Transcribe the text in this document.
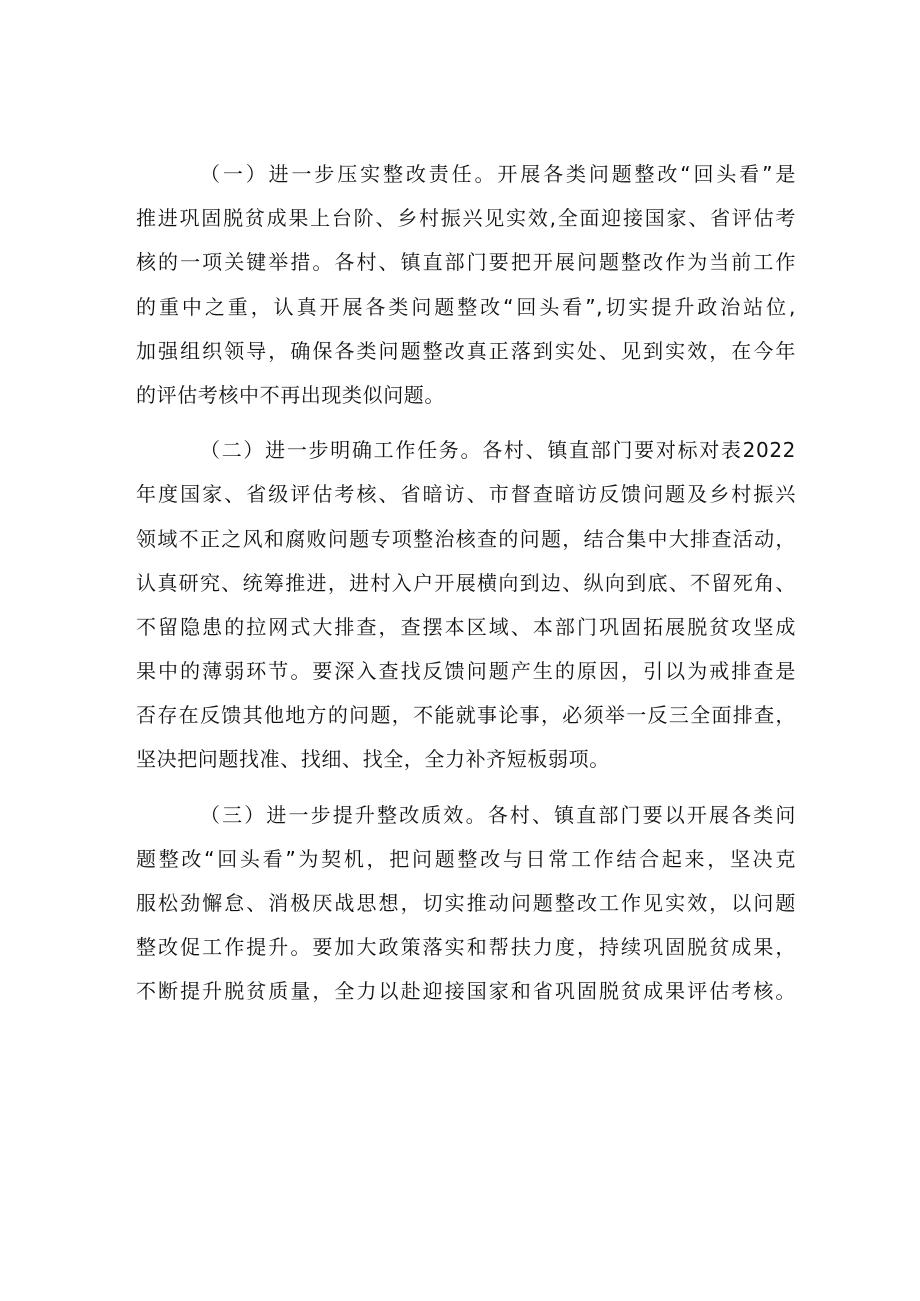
（一）进一步压实整改责任。开展各类问题整改“回头看”是
推进巩固脱贫成果上台阶、乡村振兴见实效,全面迎接国家、省评估考
核的一项关键举措。各村、镇直部门要把开展问题整改作为当前工作
的重中之重，认真开展各类问题整改“回头看”,切实提升政治站位,
加强组织领导，确保各类问题整改真正落到实处、见到实效，在今年
的评估考核中不再出现类似问题。
（二）进一步明确工作任务。各村、镇直部门要对标对表2022
年度国家、省级评估考核、省暗访、市督查暗访反馈问题及乡村振兴
领域不正之风和腐败问题专项整治核查的问题，结合集中大排查活动，
认真研究、统筹推进，进村入户开展横向到边、纵向到底、不留死角、
不留隐患的拉网式大排查，查摆本区域、本部门巩固拓展脱贫攻坚成
果中的薄弱环节。要深入查找反馈问题产生的原因，引以为戒排查是
否存在反馈其他地方的问题，不能就事论事，必须举一反三全面排查，
坚决把问题找准、找细、找全，全力补齐短板弱项。
（三）进一步提升整改质效。各村、镇直部门要以开展各类问
题整改“回头看”为契机，把问题整改与日常工作结合起来，坚决克
服松劲懈怠、消极厌战思想，切实推动问题整改工作见实效，以问题
整改促工作提升。要加大政策落实和帮扶力度，持续巩固脱贫成果，
不断提升脱贫质量，全力以赴迎接国家和省巩固脱贫成果评估考核。
